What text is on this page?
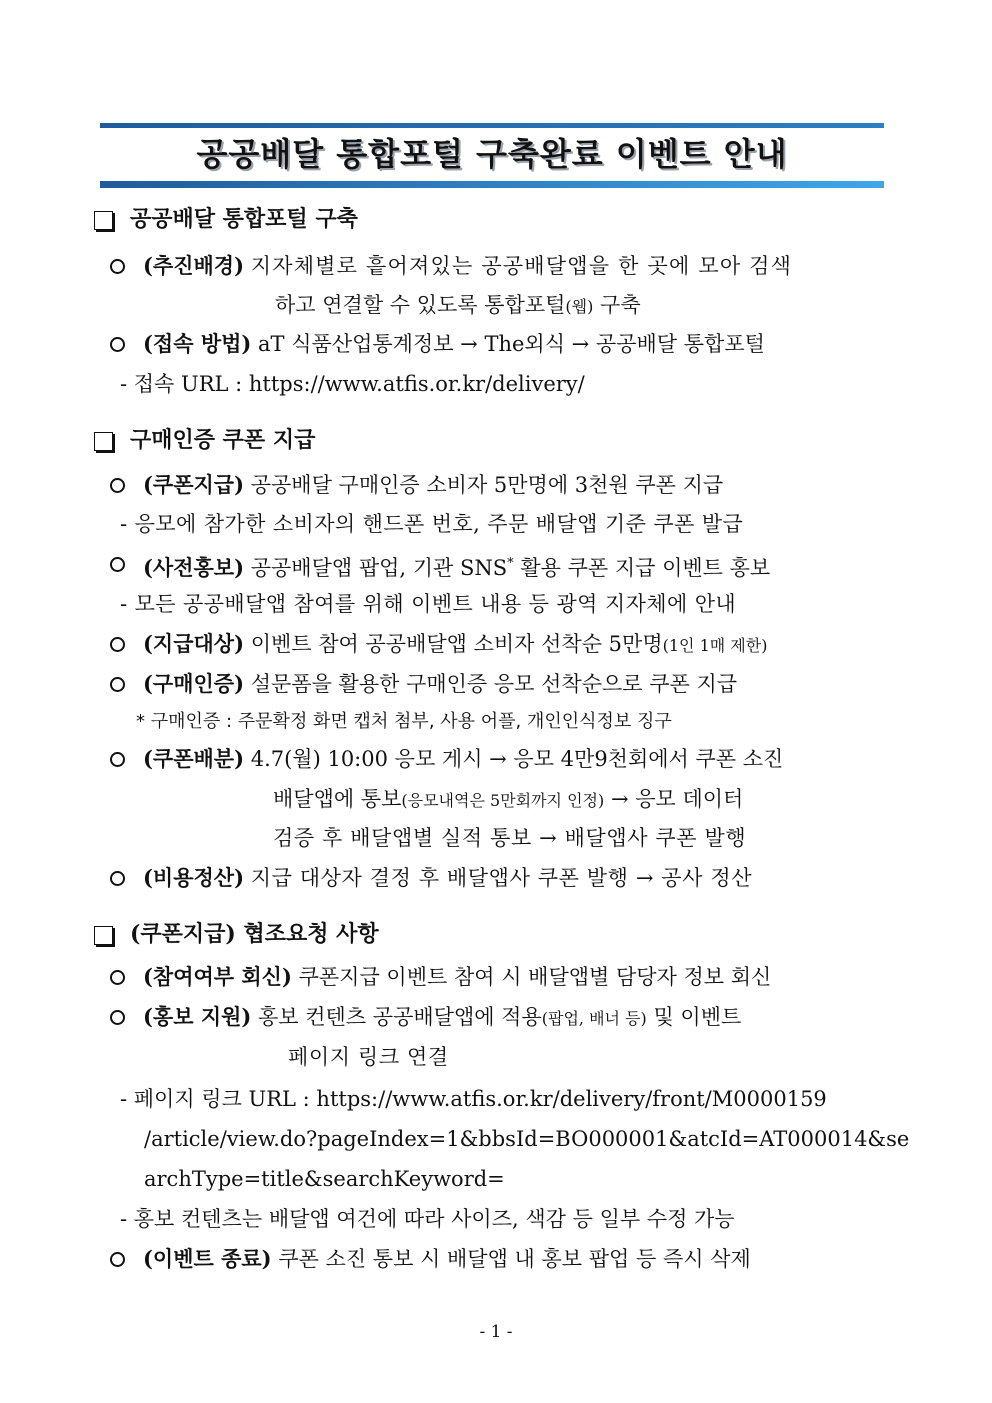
공공배달 통합포털 구축완료 이벤트 안내
공공배달 통합포털 구축
(추진배경) 지자체별로 흩어져있는 공공배달앱을 한 곳에 모아 검색
하고 연결할 수 있도록 통합포털(웹) 구축
(접속 방법) aT 식품산업통계정보 → The외식 → 공공배달 통합포털
- 접속 URL : https://www.atfis.or.kr/delivery/
구매인증 쿠폰 지급
(쿠폰지급) 공공배달 구매인증 소비자 5만명에 3천원 쿠폰 지급
- 응모에 참가한 소비자의 핸드폰 번호, 주문 배달앱 기준 쿠폰 발급
(사전홍보) 공공배달앱 팝업, 기관 SNS* 활용 쿠폰 지급 이벤트 홍보
- 모든 공공배달앱 참여를 위해 이벤트 내용 등 광역 지자체에 안내
(지급대상) 이벤트 참여 공공배달앱 소비자 선착순 5만명(1인 1매 제한)
(구매인증) 설문폼을 활용한 구매인증 응모 선착순으로 쿠폰 지급
* 구매인증 : 주문확정 화면 캡처 첨부, 사용 어플, 개인인식정보 징구
(쿠폰배분) 4.7(월) 10:00 응모 게시 → 응모 4만9천회에서 쿠폰 소진
배달앱에 통보(응모내역은 5만회까지 인정) → 응모 데이터
검증 후 배달앱별 실적 통보 → 배달앱사 쿠폰 발행
(비용정산) 지급 대상자 결정 후 배달앱사 쿠폰 발행 → 공사 정산
(쿠폰지급) 협조요청 사항
(참여여부 회신) 쿠폰지급 이벤트 참여 시 배달앱별 담당자 정보 회신
(홍보 지원) 홍보 컨텐츠 공공배달앱에 적용(팝업, 배너 등) 및 이벤트
페이지 링크 연결
- 페이지 링크 URL : https://www.atfis.or.kr/delivery/front/M0000159
/article/view.do?pageIndex=1&bbsId=BO000001&atcId=AT000014&se
archType=title&searchKeyword=
- 홍보 컨텐츠는 배달앱 여건에 따라 사이즈, 색감 등 일부 수정 가능
(이벤트 종료) 쿠폰 소진 통보 시 배달앱 내 홍보 팝업 등 즉시 삭제
- 1 -
